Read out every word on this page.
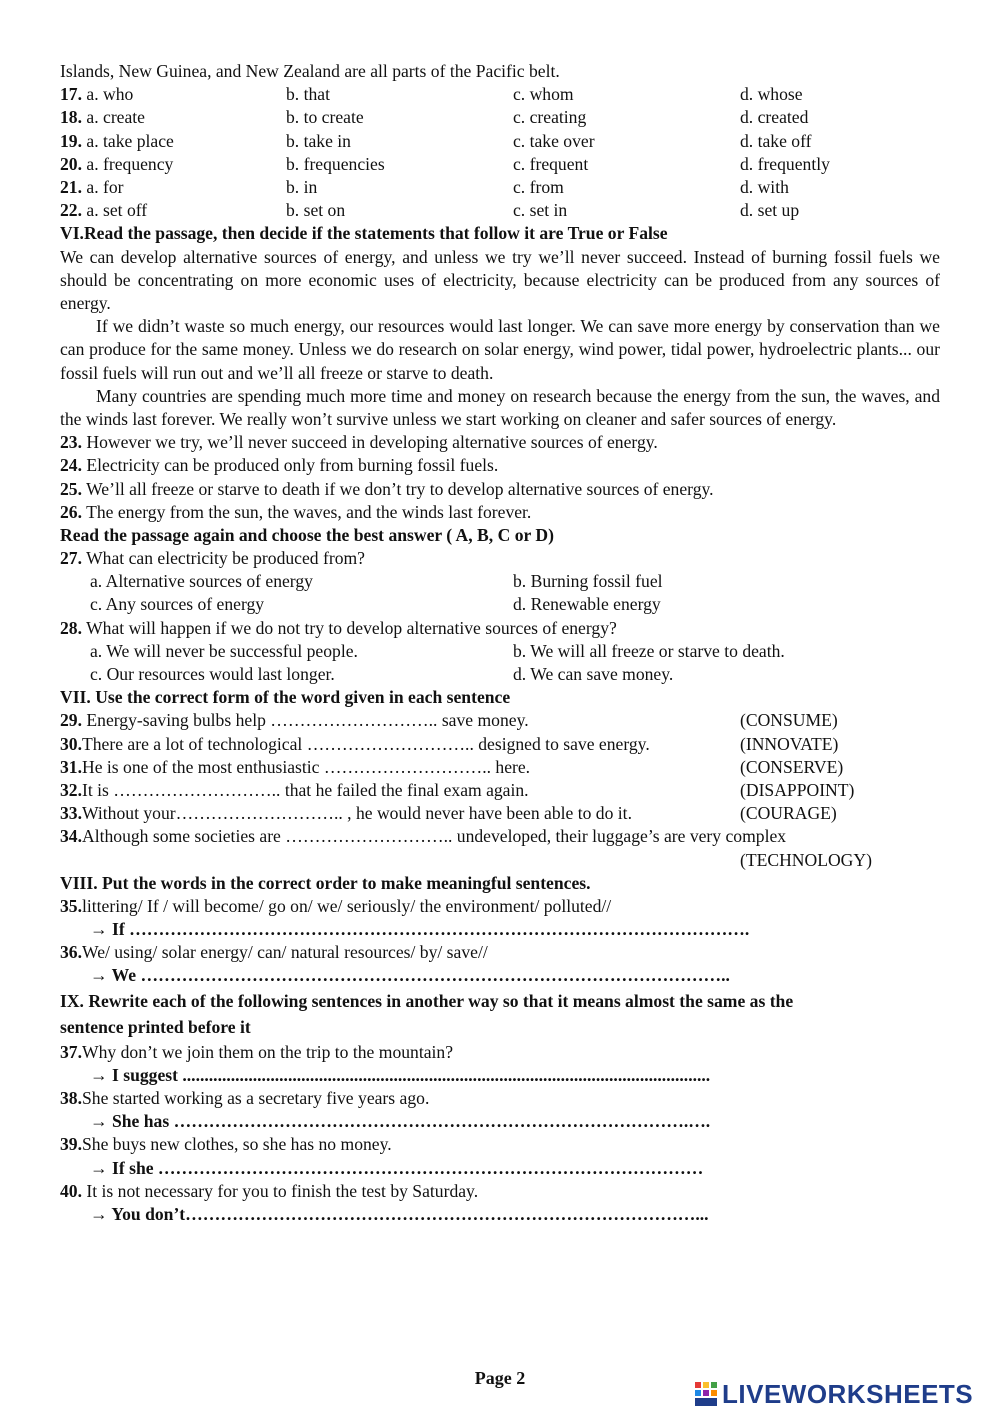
Islands, New Guinea, and New Zealand are all parts of the Pacific belt.
17. a. who	b. that	c. whom	d. whose
18. a. create	b. to create	c. creating	d. created
19. a. take place	b. take in	c. take over	d. take off
20. a. frequency	b. frequencies	c. frequent	d. frequently
21. a. for	b. in	c. from	d. with
22. a. set off	b. set on	c. set in	d. set up
VI.Read the passage, then decide if the statements that follow it are True or False

We can develop alternative sources of energy, and unless we try we’ll never succeed. Instead of burning fossil fuels we should be concentrating on more economic uses of electricity, because electricity can be produced from any sources of energy.

If we didn’t waste so much energy, our resources would last longer. We can save more energy by conservation than we can produce for the same money. Unless we do research on solar energy, wind power, tidal power, hydroelectric plants... our fossil fuels will run out and we’ll all freeze or starve to death.

Many countries are spending much more time and money on research because the energy from the sun, the waves, and the winds last forever. We really won’t survive unless we start working on cleaner and safer sources of energy.

23. However we try, we’ll never succeed in developing alternative sources of energy.
24. Electricity can be produced only from burning fossil fuels.
25. We’ll all freeze or starve to death if we don’t try to develop alternative sources of energy.
26. The energy from the sun, the waves, and the winds last forever.
Read the passage again and choose the best answer ( A, B, C or D)
27. What can electricity be produced from?
a. Alternative sources of energy	b. Burning fossil fuel
c. Any sources of energy	d. Renewable energy
28. What will happen if we do not try to develop alternative sources of energy?
a. We will never be successful people.	b. We will all freeze or starve to death.
c. Our resources would last longer.	d. We can save money.
VII. Use the correct form of the word given in each sentence
29. Energy-saving bulbs help ……………………….. save money.	(CONSUME)
30.There are a lot of technological ……………………….. designed to save energy.	(INNOVATE)
31.He is one of the most enthusiastic ……………………….. here.	(CONSERVE)
32.It is ……………………….. that he failed the final exam again.	(DISAPPOINT)
33.Without your……………………….. , he would never have been able to do it.	(COURAGE)
34.Although some societies are ……………………….. undeveloped, their luggage’s are very complex
(TECHNOLOGY)
VIII. Put the words in the correct order to make meaningful sentences.
35.littering/ If / will become/ go on/ we/ seriously/ the environment/ polluted//
→ If …………………………………………………………………………………………….
36.We/ using/ solar energy/ can/ natural resources/ by/ save//
→ We ………………………………………………………………………………………..
IX. Rewrite each of the following sentences in another way so that it means almost the same as the
sentence printed before it
37.Why don’t we join them on the trip to the mountain?
→ I suggest ........................................................................................................................
38.She started working as a secretary five years ago.
→ She has …………………………………………………………………………….….
39.She buys new clothes, so she has no money.
→ If she …………………………………………………………………………………
40. It is not necessary for you to finish the test by Saturday.
→ You don’t……………………………………………………………………………...
Page 2
LIVEWORKSHEETS
